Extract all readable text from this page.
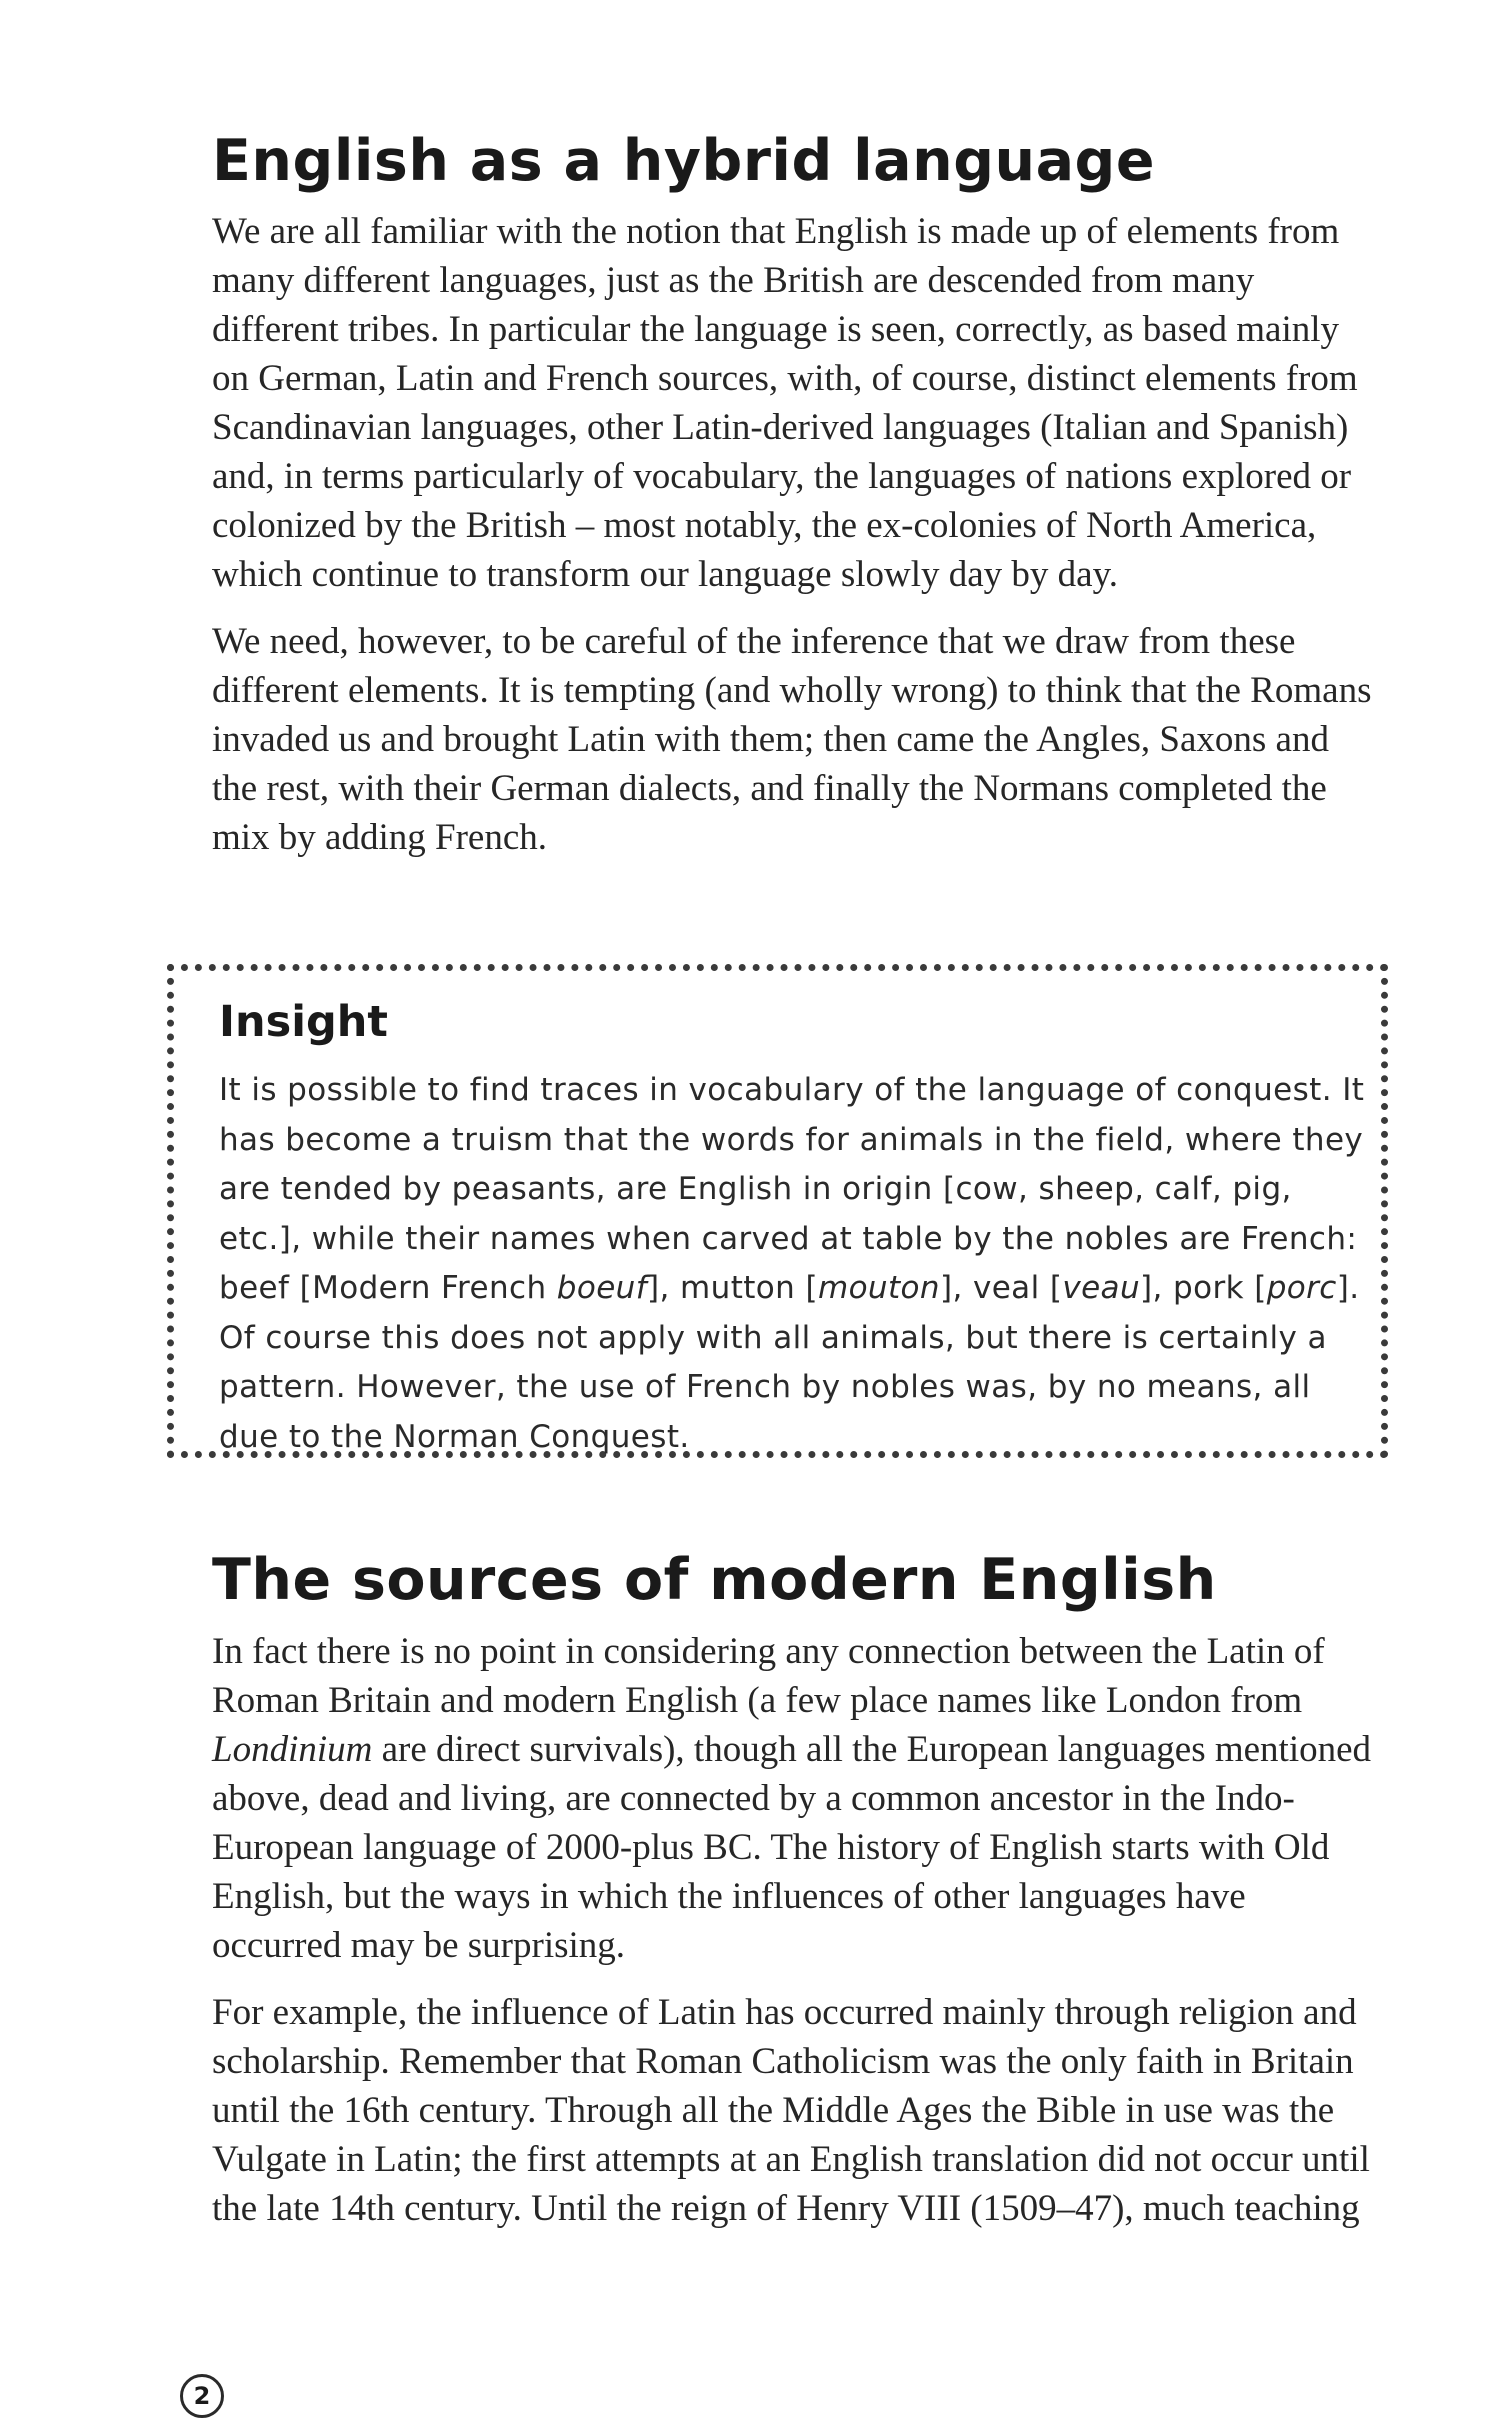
English as a hybrid language

We are all familiar with the notion that English is made up of elements from many different languages, just as the British are descended from many different tribes. In particular the language is seen, correctly, as based mainly on German, Latin and French sources, with, of course, distinct elements from Scandinavian languages, other Latin-derived languages (Italian and Spanish) and, in terms particularly of vocabulary, the languages of nations explored or colonized by the British – most notably, the ex-colonies of North America, which continue to transform our language slowly day by day.

We need, however, to be careful of the inference that we draw from these different elements. It is tempting (and wholly wrong) to think that the Romans invaded us and brought Latin with them; then came the Angles, Saxons and the rest, with their German dialects, and finally the Normans completed the mix by adding French.

Insight

It is possible to find traces in vocabulary of the language of conquest. It has become a truism that the words for animals in the field, where they are tended by peasants, are English in origin [cow, sheep, calf, pig, etc.], while their names when carved at table by the nobles are French: beef [Modern French boeuf], mutton [mouton], veal [veau], pork [porc]. Of course this does not apply with all animals, but there is certainly a pattern. However, the use of French by nobles was, by no means, all due to the Norman Conquest.

The sources of modern English

In fact there is no point in considering any connection between the Latin of Roman Britain and modern English (a few place names like London from Londinium are direct survivals), though all the European languages mentioned above, dead and living, are connected by a common ancestor in the Indo-European language of 2000-plus BC. The history of English starts with Old English, but the ways in which the influences of other languages have occurred may be surprising.

For example, the influence of Latin has occurred mainly through religion and scholarship. Remember that Roman Catholicism was the only faith in Britain until the 16th century. Through all the Middle Ages the Bible in use was the Vulgate in Latin; the first attempts at an English translation did not occur until the late 14th century. Until the reign of Henry VIII (1509–47), much teaching

2
